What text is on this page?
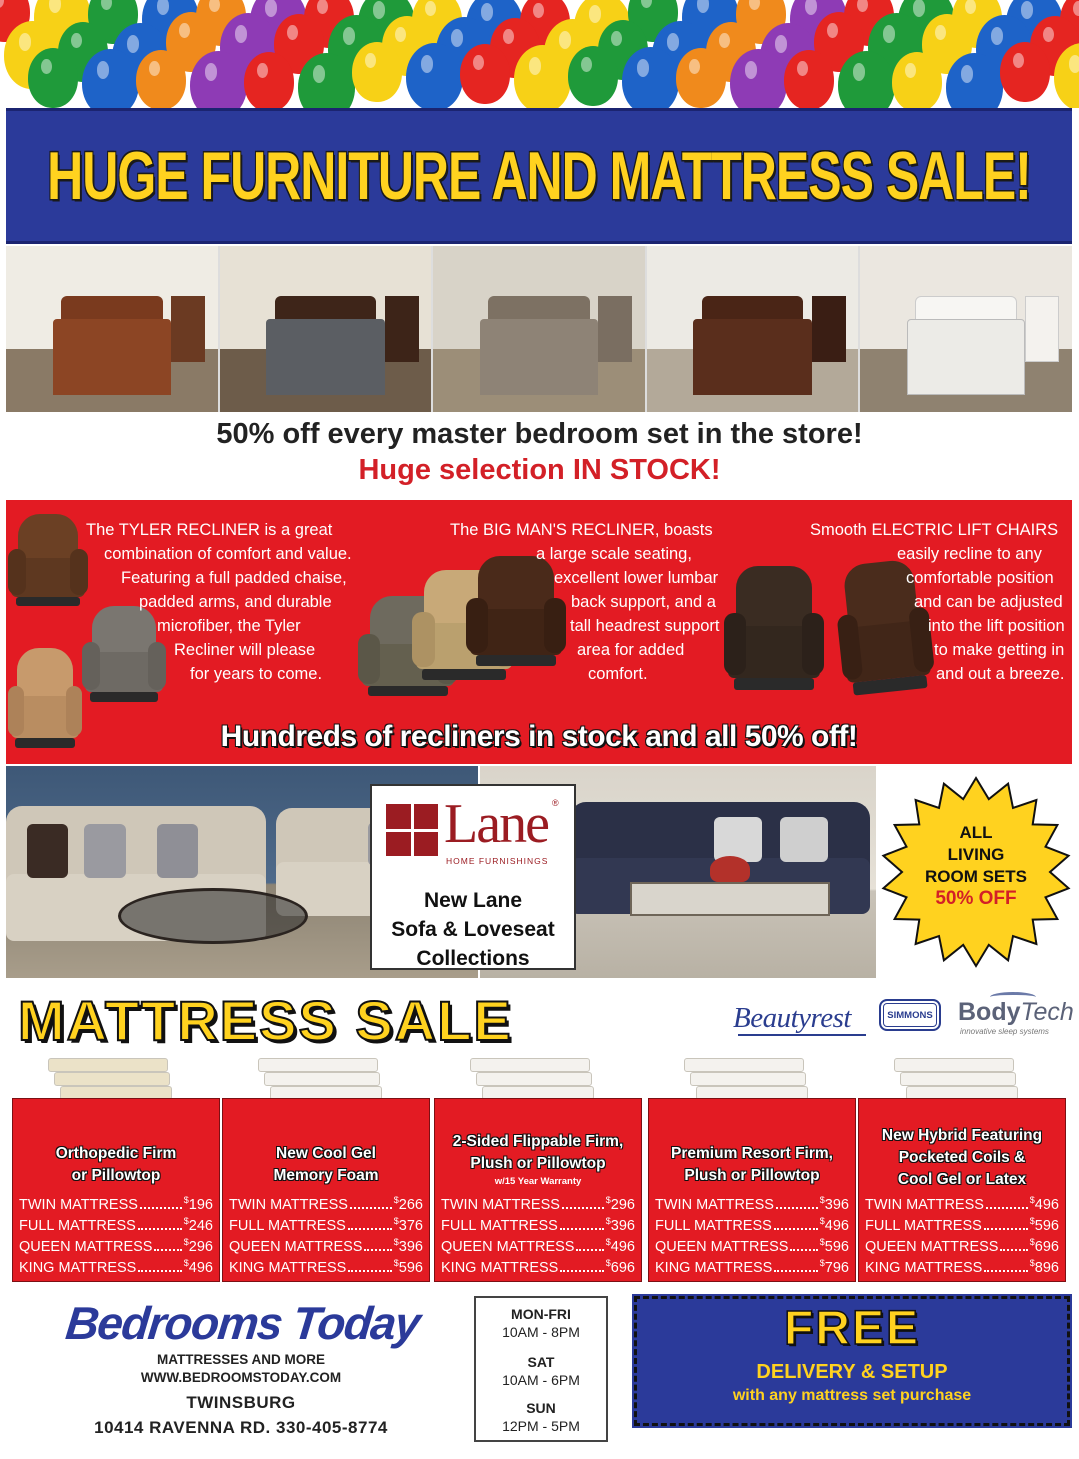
HUGE FURNITURE AND MATTRESS SALE!
50% off every master bedroom set in the store!
Huge selection IN STOCK!
The TYLER RECLINER is a great
combination of comfort and value.
Featuring a full padded chaise,
padded arms, and durable
microfiber, the Tyler
Recliner will please
for years to come.
The BIG MAN'S RECLINER, boasts
a large scale seating,
excellent lower lumbar
back support, and a
tall headrest support
area for added
comfort.
Smooth ELECTRIC LIFT CHAIRS
easily recline to any
comfortable position
and can be adjusted
into the lift position
to make getting in
and out a breeze.
Hundreds of recliners in stock and all 50% off!
Lane ®
HOME FURNISHINGS
New Lane
Sofa & Loveseat
Collections
ALL
LIVING
ROOM SETS
50% OFF
MATTRESS SALE	Beautyrest	SIMMONS	BodyTech
innovative sleep systems
Orthopedic Firm
or Pillowtop
TWIN MATTRESS	$196
FULL MATTRESS	$246
QUEEN MATTRESS	$296
KING MATTRESS	$496
New Cool Gel
Memory Foam
TWIN MATTRESS	$266
FULL MATTRESS	$376
QUEEN MATTRESS	$396
KING MATTRESS	$596
2-Sided Flippable Firm,
Plush or Pillowtop
w/15 Year Warranty
TWIN MATTRESS	$296
FULL MATTRESS	$396
QUEEN MATTRESS	$496
KING MATTRESS	$696
Premium Resort Firm,
Plush or Pillowtop
TWIN MATTRESS	$396
FULL MATTRESS	$496
QUEEN MATTRESS	$596
KING MATTRESS	$796
New Hybrid Featuring
Pocketed Coils &
Cool Gel or Latex
TWIN MATTRESS	$496
FULL MATTRESS	$596
QUEEN MATTRESS	$696
KING MATTRESS	$896
Bedrooms Today
MATTRESSES AND MORE
WWW.BEDROOMSTODAY.COM
TWINSBURG
10414 RAVENNA RD. 330-405-8774
MON-FRI
10AM - 8PM
SAT
10AM - 6PM
SUN
12PM - 5PM
FREE
DELIVERY & SETUP
with any mattress set purchase
